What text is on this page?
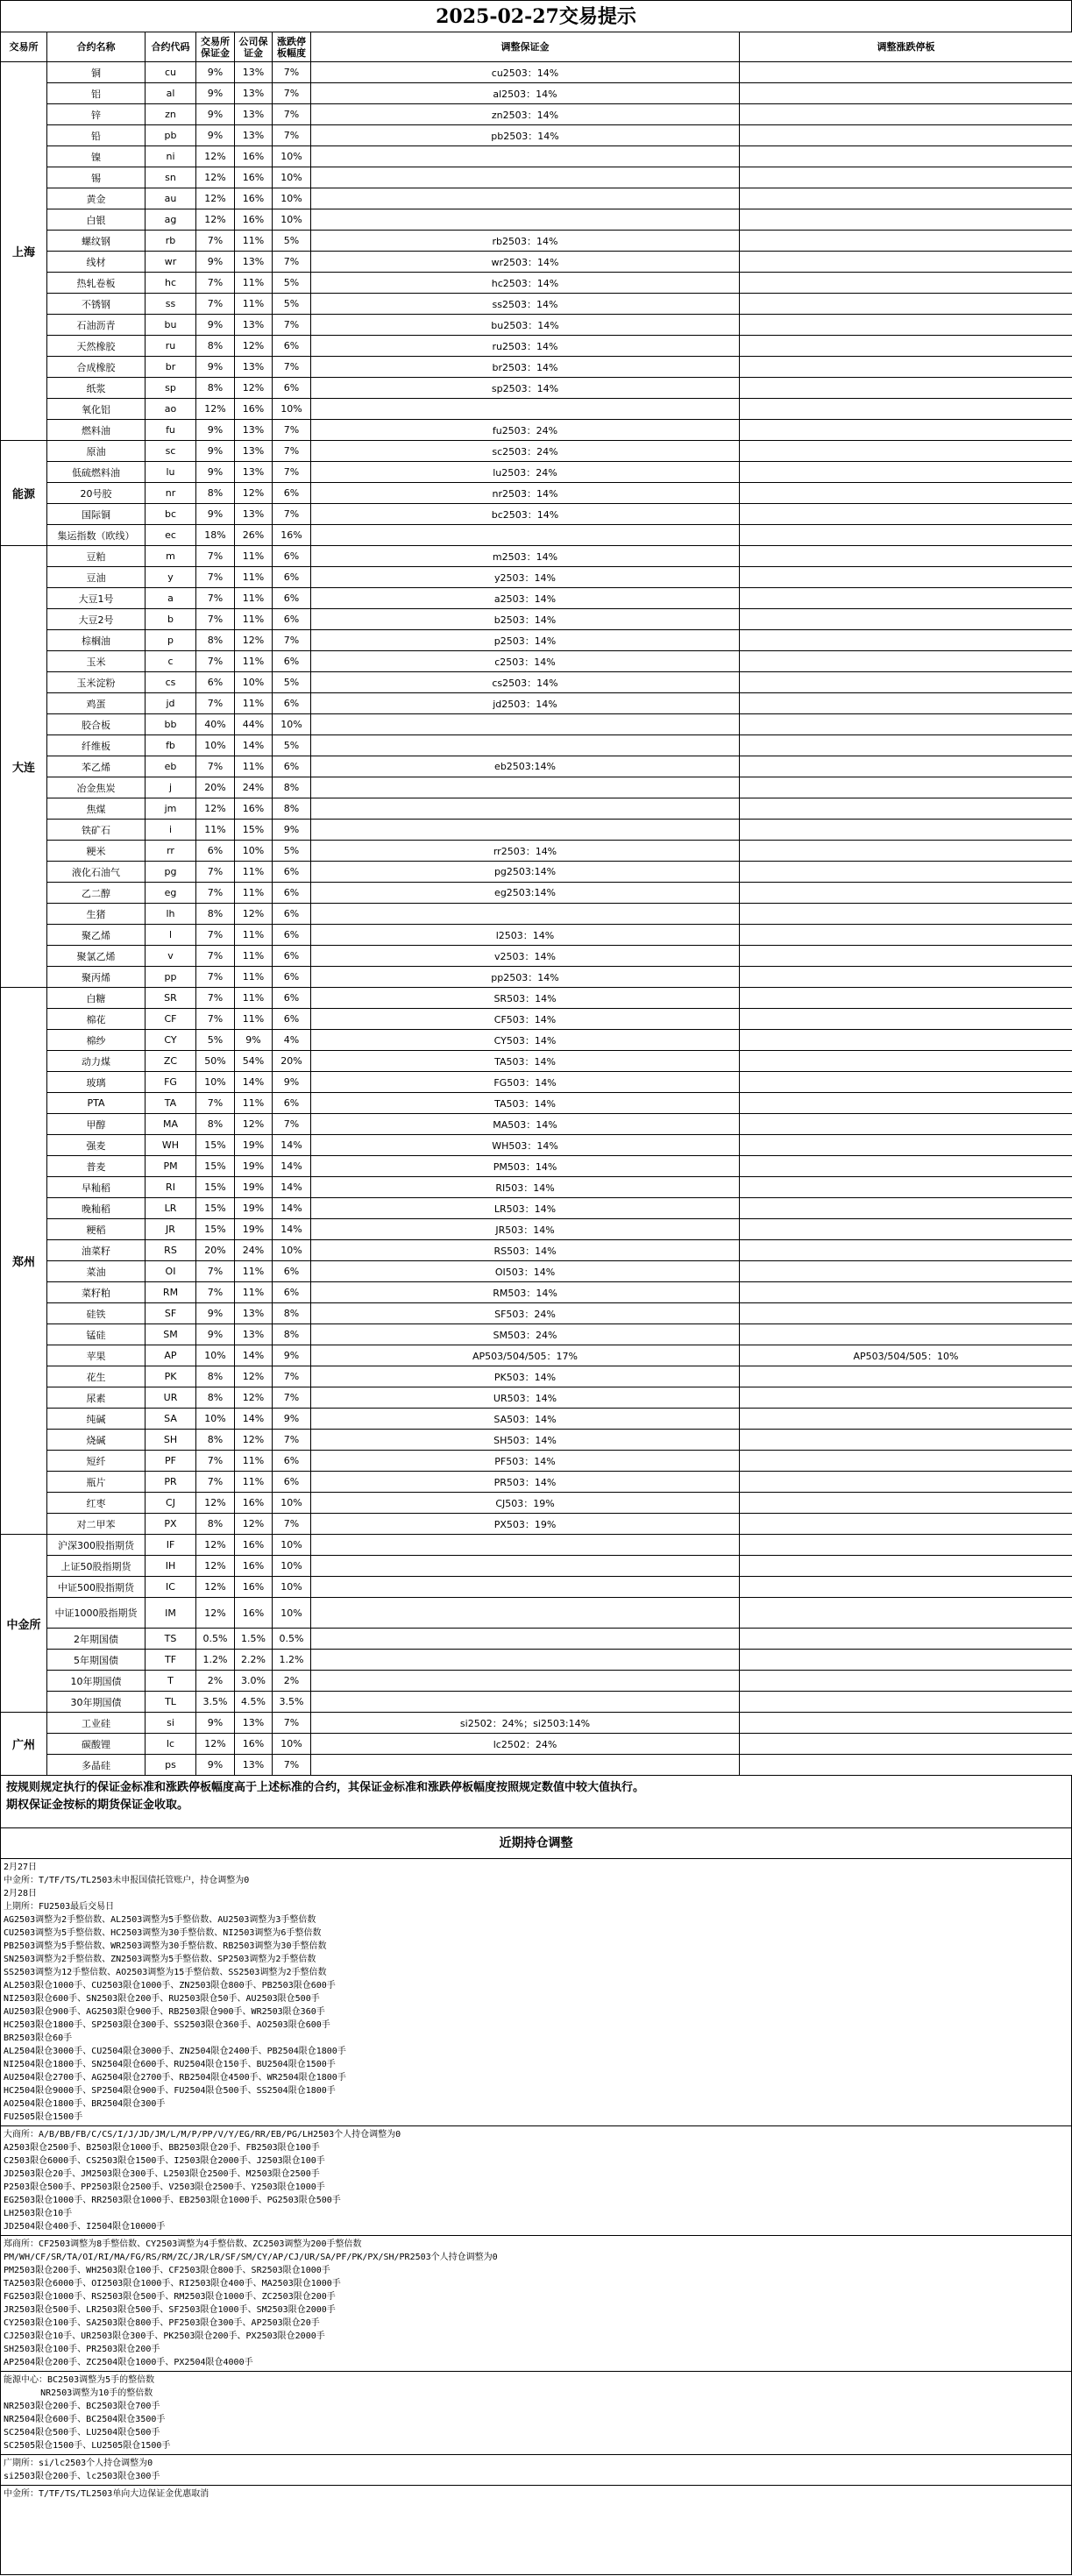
2025-02-27交易提示
交易所	合约名称	合约代码	交易所保证金	公司保证金	涨跌停板幅度	调整保证金	调整涨跌停板
上海	铜	cu	9%	13%	7%	cu2503：14%	
	铝	al	9%	13%	7%	al2503：14%	
	锌	zn	9%	13%	7%	zn2503：14%	
	铅	pb	9%	13%	7%	pb2503：14%	
	镍	ni	12%	16%	10%		
	锡	sn	12%	16%	10%		
	黄金	au	12%	16%	10%		
	白银	ag	12%	16%	10%		
	螺纹钢	rb	7%	11%	5%	rb2503：14%	
	线材	wr	9%	13%	7%	wr2503：14%	
	热轧卷板	hc	7%	11%	5%	hc2503：14%	
	不锈钢	ss	7%	11%	5%	ss2503：14%	
	石油沥青	bu	9%	13%	7%	bu2503：14%	
	天然橡胶	ru	8%	12%	6%	ru2503：14%	
	合成橡胶	br	9%	13%	7%	br2503：14%	
	纸浆	sp	8%	12%	6%	sp2503：14%	
	氧化铝	ao	12%	16%	10%		
	燃料油	fu	9%	13%	7%	fu2503：24%	
能源	原油	sc	9%	13%	7%	sc2503：24%	
	低硫燃料油	lu	9%	13%	7%	lu2503：24%	
	20号胶	nr	8%	12%	6%	nr2503：14%	
	国际铜	bc	9%	13%	7%	bc2503：14%	
	集运指数（欧线）	ec	18%	26%	16%		
大连	豆粕	m	7%	11%	6%	m2503：14%	
	豆油	y	7%	11%	6%	y2503：14%	
	大豆1号	a	7%	11%	6%	a2503：14%	
	大豆2号	b	7%	11%	6%	b2503：14%	
	棕榈油	p	8%	12%	7%	p2503：14%	
	玉米	c	7%	11%	6%	c2503：14%	
	玉米淀粉	cs	6%	10%	5%	cs2503：14%	
	鸡蛋	jd	7%	11%	6%	jd2503：14%	
	胶合板	bb	40%	44%	10%		
	纤维板	fb	10%	14%	5%		
	苯乙烯	eb	7%	11%	6%	eb2503:14%	
	冶金焦炭	j	20%	24%	8%		
	焦煤	jm	12%	16%	8%		
	铁矿石	i	11%	15%	9%		
	粳米	rr	6%	10%	5%	rr2503：14%	
	液化石油气	pg	7%	11%	6%	pg2503:14%	
	乙二醇	eg	7%	11%	6%	eg2503:14%	
	生猪	lh	8%	12%	6%		
	聚乙烯	l	7%	11%	6%	l2503：14%	
	聚氯乙烯	v	7%	11%	6%	v2503：14%	
	聚丙烯	pp	7%	11%	6%	pp2503：14%	
郑州	白糖	SR	7%	11%	6%	SR503：14%	
	棉花	CF	7%	11%	6%	CF503：14%	
	棉纱	CY	5%	9%	4%	CY503：14%	
	动力煤	ZC	50%	54%	20%	TA503：14%	
	玻璃	FG	10%	14%	9%	FG503：14%	
	PTA	TA	7%	11%	6%	TA503：14%	
	甲醇	MA	8%	12%	7%	MA503：14%	
	强麦	WH	15%	19%	14%	WH503：14%	
	普麦	PM	15%	19%	14%	PM503：14%	
	早籼稻	RI	15%	19%	14%	RI503：14%	
	晚籼稻	LR	15%	19%	14%	LR503：14%	
	粳稻	JR	15%	19%	14%	JR503：14%	
	油菜籽	RS	20%	24%	10%	RS503：14%	
	菜油	OI	7%	11%	6%	OI503：14%	
	菜籽粕	RM	7%	11%	6%	RM503：14%	
	硅铁	SF	9%	13%	8%	SF503：24%	
	锰硅	SM	9%	13%	8%	SM503：24%	
	苹果	AP	10%	14%	9%	AP503/504/505：17%	AP503/504/505：10%
	花生	PK	8%	12%	7%	PK503：14%	
	尿素	UR	8%	12%	7%	UR503：14%	
	纯碱	SA	10%	14%	9%	SA503：14%	
	烧碱	SH	8%	12%	7%	SH503：14%	
	短纤	PF	7%	11%	6%	PF503：14%	
	瓶片	PR	7%	11%	6%	PR503：14%	
	红枣	CJ	12%	16%	10%	CJ503：19%	
	对二甲苯	PX	8%	12%	7%	PX503：19%	
中金所	沪深300股指期货	IF	12%	16%	10%		
	上证50股指期货	IH	12%	16%	10%		
	中证500股指期货	IC	12%	16%	10%		
	中证1000股指期货	IM	12%	16%	10%		
	2年期国债	TS	0.5%	1.5%	0.5%		
	5年期国债	TF	1.2%	2.2%	1.2%		
	10年期国债	T	2%	3.0%	2%		
	30年期国债	TL	3.5%	4.5%	3.5%		
广州	工业硅	si	9%	13%	7%	si2502：24%；si2503:14%	
	碳酸锂	lc	12%	16%	10%	lc2502：24%	
	多晶硅	ps	9%	13%	7%		
按规则规定执行的保证金标准和涨跌停板幅度高于上述标准的合约，其保证金标准和涨跌停板幅度按照规定数值中较大值执行。
期权保证金按标的期货保证金收取。
近期持仓调整
2月27日
中金所：T/TF/TS/TL2503未申报国债托管账户，持仓调整为0
2月28日
上期所：FU2503最后交易日
AG2503调整为2手整倍数、AL2503调整为5手整倍数、AU2503调整为3手整倍数
CU2503调整为5手整倍数、HC2503调整为30手整倍数、NI2503调整为6手整倍数
PB2503调整为5手整倍数、WR2503调整为30手整倍数、RB2503调整为30手整倍数
SN2503调整为2手整倍数、ZN2503调整为5手整倍数、SP2503调整为2手整倍数
SS2503调整为12手整倍数、AO2503调整为15手整倍数、SS2503调整为2手整倍数
AL2503限仓1000手、CU2503限仓1000手、ZN2503限仓800手、PB2503限仓600手
NI2503限仓600手、SN2503限仓200手、RU2503限仓50手、AU2503限仓500手
AU2503限仓900手、AG2503限仓900手、RB2503限仓900手、WR2503限仓360手
HC2503限仓1800手、SP2503限仓300手、SS2503限仓360手、AO2503限仓600手
BR2503限仓60手
AL2504限仓3000手、CU2504限仓3000手、ZN2504限仓2400手、PB2504限仓1800手
NI2504限仓1800手、SN2504限仓600手、RU2504限仓150手、BU2504限仓1500手
AU2504限仓2700手、AG2504限仓2700手、RB2504限仓4500手、WR2504限仓1800手
HC2504限仓9000手、SP2504限仓900手、FU2504限仓500手、SS2504限仓1800手
AO2504限仓1800手、BR2504限仓300手
FU2505限仓1500手
大商所：A/B/BB/FB/C/CS/I/J/JD/JM/L/M/P/PP/V/Y/EG/RR/EB/PG/LH2503个人持仓调整为0
A2503限仓2500手、B2503限仓1000手、BB2503限仓20手、FB2503限仓100手
C2503限仓6000手、CS2503限仓1500手、I2503限仓2000手、J2503限仓100手
JD2503限仓20手、JM2503限仓300手、L2503限仓2500手、M2503限仓2500手
P2503限仓500手、PP2503限仓2500手、V2503限仓2500手、Y2503限仓1000手
EG2503限仓1000手、RR2503限仓1000手、EB2503限仓1000手、PG2503限仓500手
LH2503限仓10手
JD2504限仓400手、I2504限仓10000手
郑商所：CF2503调整为8手整倍数、CY2503调整为4手整倍数、ZC2503调整为200手整倍数
PM/WH/CF/SR/TA/OI/RI/MA/FG/RS/RM/ZC/JR/LR/SF/SM/CY/AP/CJ/UR/SA/PF/PK/PX/SH/PR2503个人持仓调整为0
PM2503限仓200手、WH2503限仓100手、CF2503限仓800手、SR2503限仓1000手
TA2503限仓6000手、OI2503限仓1000手、RI2503限仓400手、MA2503限仓1000手
FG2503限仓1000手、RS2503限仓500手、RM2503限仓1000手、ZC2503限仓200手
JR2503限仓500手、LR2503限仓500手、SF2503限仓1000手、SM2503限仓2000手
CY2503限仓100手、SA2503限仓800手、PF2503限仓300手、AP2503限仓20手
CJ2503限仓10手、UR2503限仓300手、PK2503限仓200手、PX2503限仓2000手
SH2503限仓100手、PR2503限仓200手
AP2504限仓200手、ZC2504限仓1000手、PX2504限仓4000手
能源中心：BC2503调整为5手的整倍数
NR2503调整为10手的整倍数
NR2503限仓200手、BC2503限仓700手
NR2504限仓600手、BC2504限仓3500手
SC2504限仓500手、LU2504限仓500手
SC2505限仓1500手、LU2505限仓1500手
广期所：si/lc2503个人持仓调整为0
si2503限仓200手、lc2503限仓300手
中金所：T/TF/TS/TL2503单向大边保证金优惠取消
